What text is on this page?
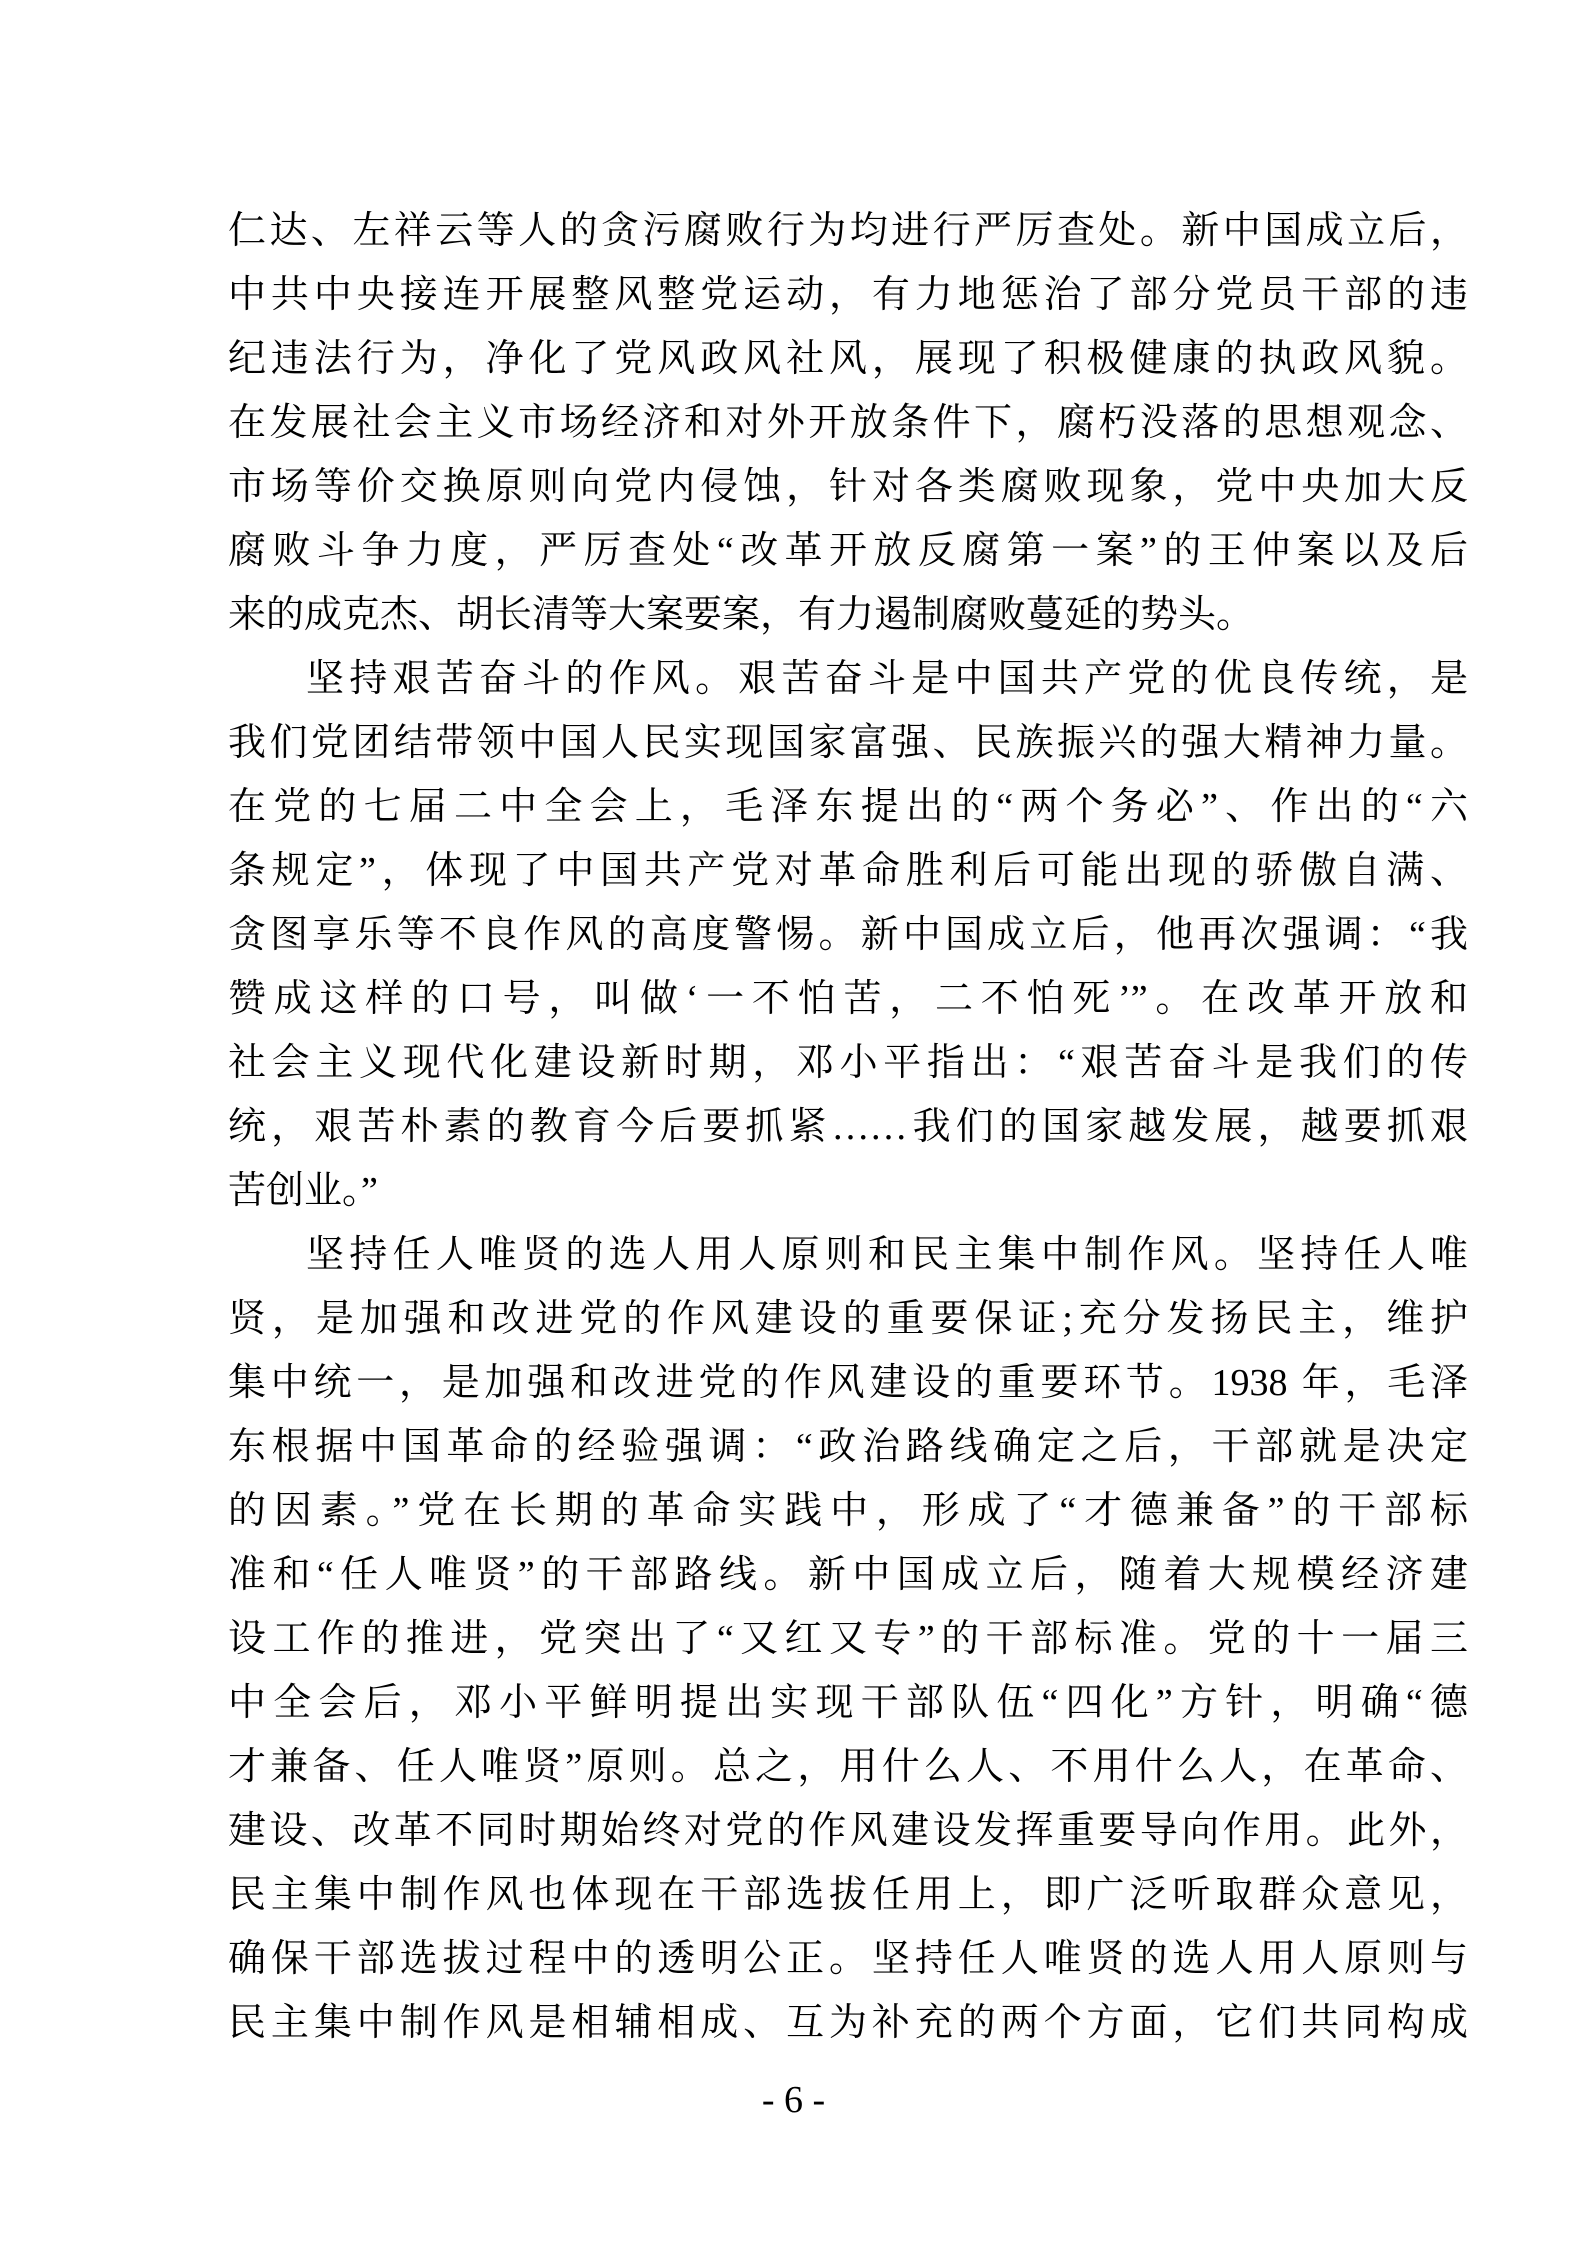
仁达、左祥云等人的贪污腐败行为均进行严厉查处。新中国成立后，
中共中央接连开展整风整党运动，有力地惩治了部分党员干部的违
纪违法行为，净化了党风政风社风，展现了积极健康的执政风貌。
在发展社会主义市场经济和对外开放条件下，腐朽没落的思想观念、
市场等价交换原则向党内侵蚀，针对各类腐败现象，党中央加大反
腐败斗争力度，严厉查处“改革开放反腐第一案”的王仲案以及后
来的成克杰、胡长清等大案要案，有力遏制腐败蔓延的势头。
坚持艰苦奋斗的作风。艰苦奋斗是中国共产党的优良传统，是
我们党团结带领中国人民实现国家富强、民族振兴的强大精神力量。
在党的七届二中全会上，毛泽东提出的“两个务必”、作出的“六
条规定”，体现了中国共产党对革命胜利后可能出现的骄傲自满、
贪图享乐等不良作风的高度警惕。新中国成立后，他再次强调：“我
赞成这样的口号，叫做‘一不怕苦，二不怕死’”。在改革开放和
社会主义现代化建设新时期，邓小平指出：“艰苦奋斗是我们的传
统，艰苦朴素的教育今后要抓紧……我们的国家越发展，越要抓艰
苦创业。”
坚持任人唯贤的选人用人原则和民主集中制作风。坚持任人唯
贤，是加强和改进党的作风建设的重要保证;充分发扬民主，维护
集中统一，是加强和改进党的作风建设的重要环节。1938 年，毛泽
东根据中国革命的经验强调：“政治路线确定之后，干部就是决定
的因素。”党在长期的革命实践中，形成了“才德兼备”的干部标
准和“任人唯贤”的干部路线。新中国成立后，随着大规模经济建
设工作的推进，党突出了“又红又专”的干部标准。党的十一届三
中全会后，邓小平鲜明提出实现干部队伍“四化”方针，明确“德
才兼备、任人唯贤”原则。总之，用什么人、不用什么人，在革命、
建设、改革不同时期始终对党的作风建设发挥重要导向作用。此外，
民主集中制作风也体现在干部选拔任用上，即广泛听取群众意见，
确保干部选拔过程中的透明公正。坚持任人唯贤的选人用人原则与
民主集中制作风是相辅相成、互为补充的两个方面，它们共同构成
- 6 -
